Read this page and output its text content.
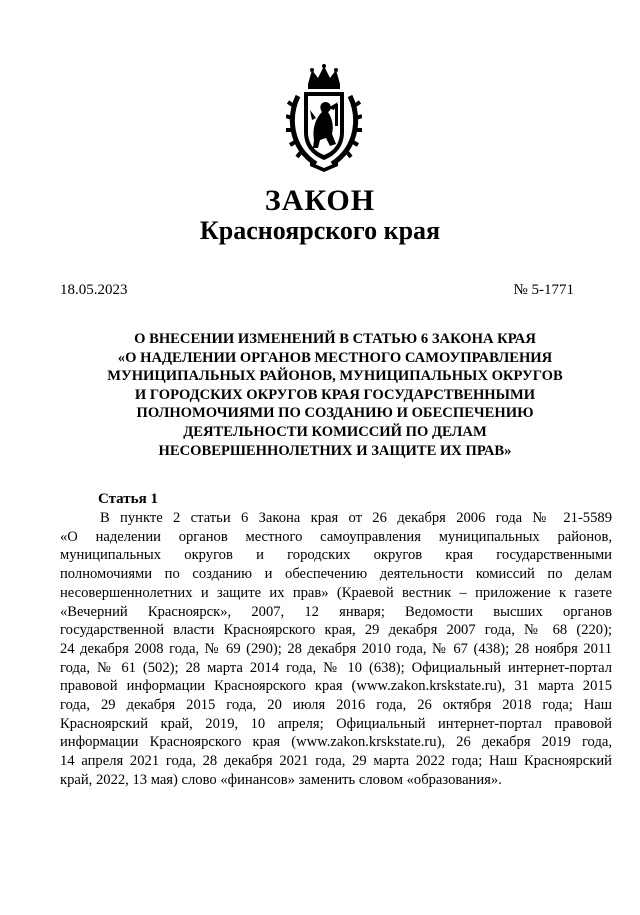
ЗАКОН
Красноярского края
18.05.2023	№ 5-1771
О ВНЕСЕНИИ ИЗМЕНЕНИЙ В СТАТЬЮ 6 ЗАКОНА КРАЯ
«О НАДЕЛЕНИИ ОРГАНОВ МЕСТНОГО САМОУПРАВЛЕНИЯ
МУНИЦИПАЛЬНЫХ РАЙОНОВ, МУНИЦИПАЛЬНЫХ ОКРУГОВ
И ГОРОДСКИХ ОКРУГОВ КРАЯ ГОСУДАРСТВЕННЫМИ
ПОЛНОМОЧИЯМИ ПО СОЗДАНИЮ И ОБЕСПЕЧЕНИЮ
ДЕЯТЕЛЬНОСТИ КОМИССИЙ ПО ДЕЛАМ
НЕСОВЕРШЕННОЛЕТНИХ И ЗАЩИТЕ ИХ ПРАВ»
Статья 1
В пункте 2 статьи 6 Закона края от 26 декабря 2006 года № 21-5589
«О наделении органов местного самоуправления муниципальных районов,
муниципальных округов и городских округов края государственными
полномочиями по созданию и обеспечению деятельности комиссий по делам
несовершеннолетних и защите их прав» (Краевой вестник – приложение к газете
«Вечерний Красноярск», 2007, 12 января; Ведомости высших органов
государственной власти Красноярского края, 29 декабря 2007 года, № 68 (220);
24 декабря 2008 года, № 69 (290); 28 декабря 2010 года, № 67 (438); 28 ноября 2011
года, № 61 (502); 28 марта 2014 года, № 10 (638); Официальный интернет-портал
правовой информации Красноярского края (www.zakon.krskstate.ru), 31 марта 2015
года, 29 декабря 2015 года, 20 июля 2016 года, 26 октября 2018 года; Наш
Красноярский край, 2019, 10 апреля; Официальный интернет-портал правовой
информации Красноярского края (www.zakon.krskstate.ru), 26 декабря 2019 года,
14 апреля 2021 года, 28 декабря 2021 года, 29 марта 2022 года; Наш Красноярский
край, 2022, 13 мая) слово «финансов» заменить словом «образования».
